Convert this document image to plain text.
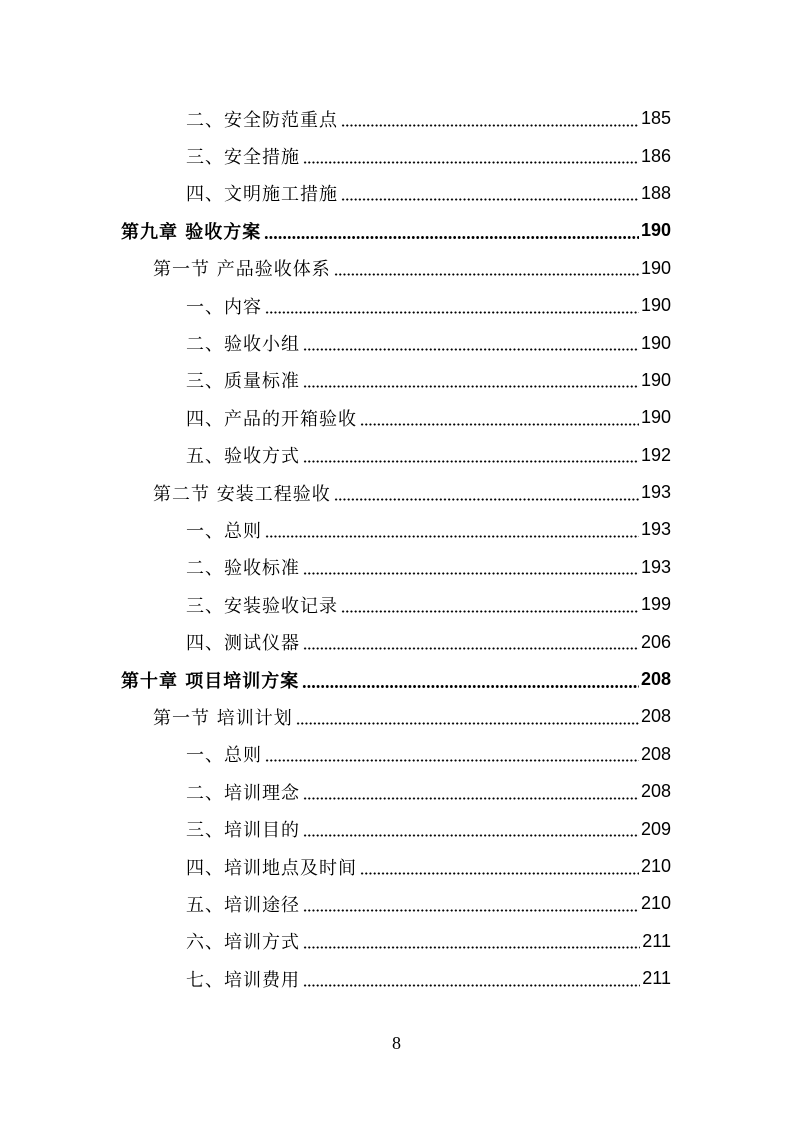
二、安全防范重点	185
三、安全措施	186
四、文明施工措施	188
第九章 验收方案	190
第一节 产品验收体系	190
一、内容	190
二、验收小组	190
三、质量标准	190
四、产品的开箱验收	190
五、验收方式	192
第二节 安装工程验收	193
一、总则	193
二、验收标准	193
三、安装验收记录	199
四、测试仪器	206
第十章 项目培训方案	208
第一节 培训计划	208
一、总则	208
二、培训理念	208
三、培训目的	209
四、培训地点及时间	210
五、培训途径	210
六、培训方式	211
七、培训费用	211
8
